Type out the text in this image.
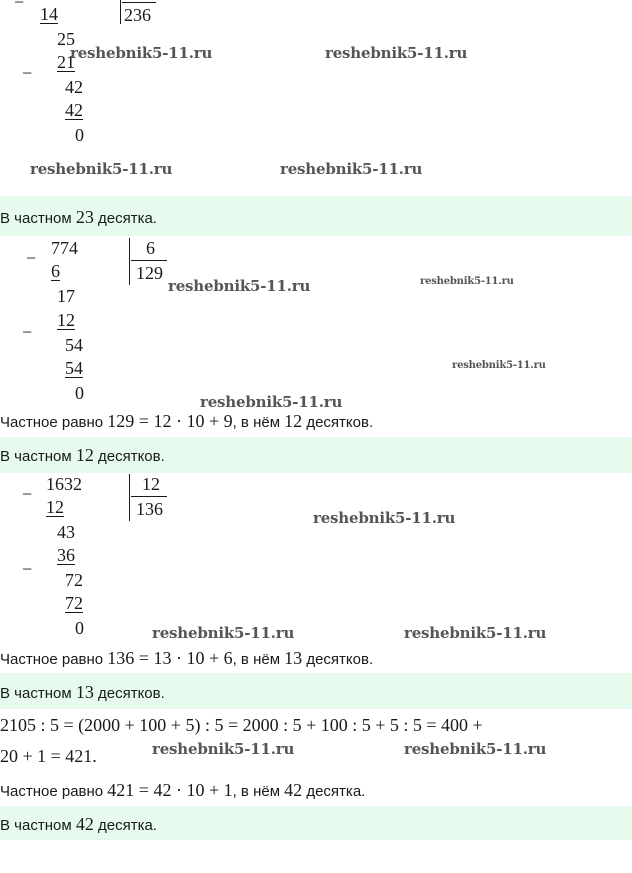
−
14	236
25
−
21
42
42
0
reshebnik5-11.ru	reshebnik5-11.ru
reshebnik5-11.ru	reshebnik5-11.ru
В частном 23 десятка.
− 774	6
129
6
17
−
12
54
54
0
reshebnik5-11.ru	reshebnik5-11.ru
reshebnik5-11.ru
reshebnik5-11.ru
Частное равно 129 = 12 · 10 + 9, в нём 12 десятков.
В частном 12 десятков.
− 1632	12
136
12
43
−
36
72
72
0
reshebnik5-11.ru
reshebnik5-11.ru	reshebnik5-11.ru
Частное равно 136 = 13 · 10 + 6, в нём 13 десятков.
В частном 13 десятков.
2105 : 5 = (2000 + 100 + 5) : 5 = 2000 : 5 + 100 : 5 + 5 : 5 = 400 +
20 + 1 = 421.	reshebnik5-11.ru	reshebnik5-11.ru
Частное равно 421 = 42 · 10 + 1, в нём 42 десятка.
В частном 42 десятка.
